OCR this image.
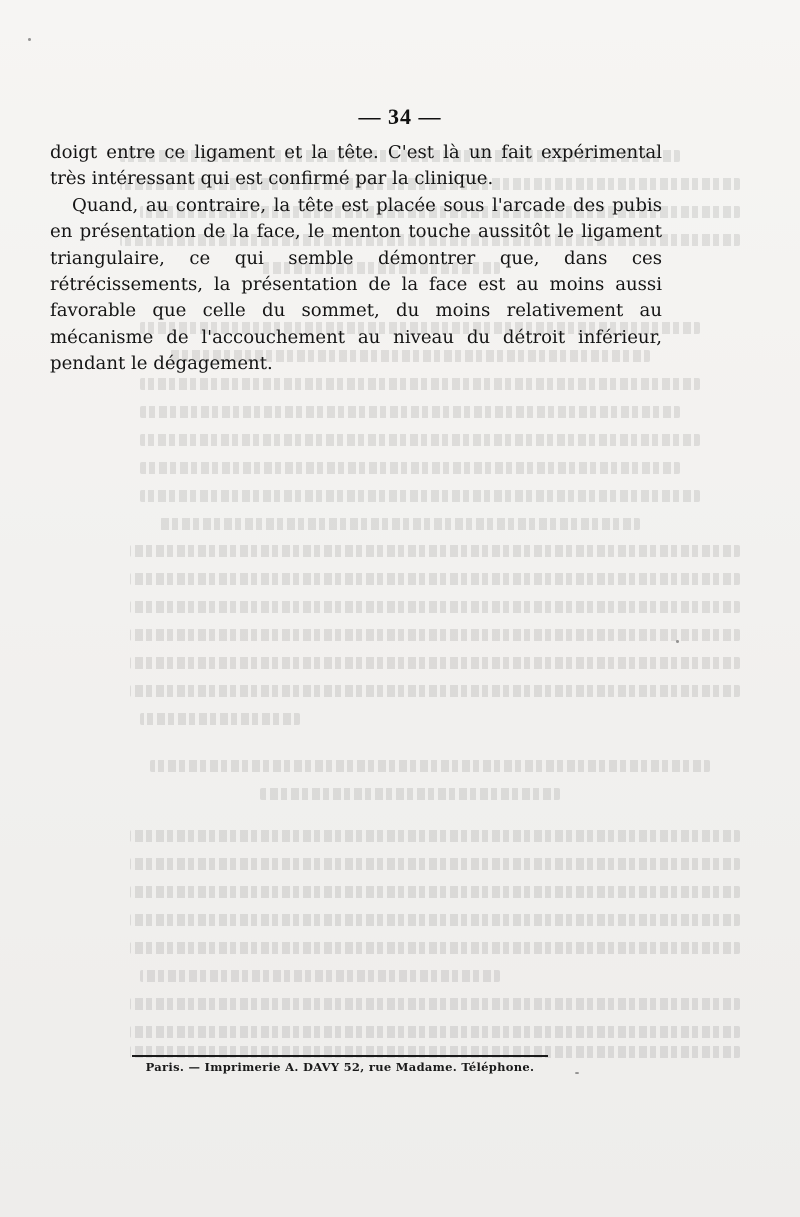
— 34 —

doigt entre ce ligament et la tête. C'est là un fait expérimental très intéressant qui est confirmé par la clinique.

Quand, au contraire, la tête est placée sous l'arcade des pubis en présentation de la face, le menton touche aussitôt le ligament triangulaire, ce qui semble démontrer que, dans ces rétrécissements, la présentation de la face est au moins aussi favorable que celle du sommet, du moins relativement au mécanisme de l'accouchement au niveau du détroit inférieur, pendant le dégagement.

Paris. — Imprimerie A. DAVY 52, rue Madame. Téléphone.
